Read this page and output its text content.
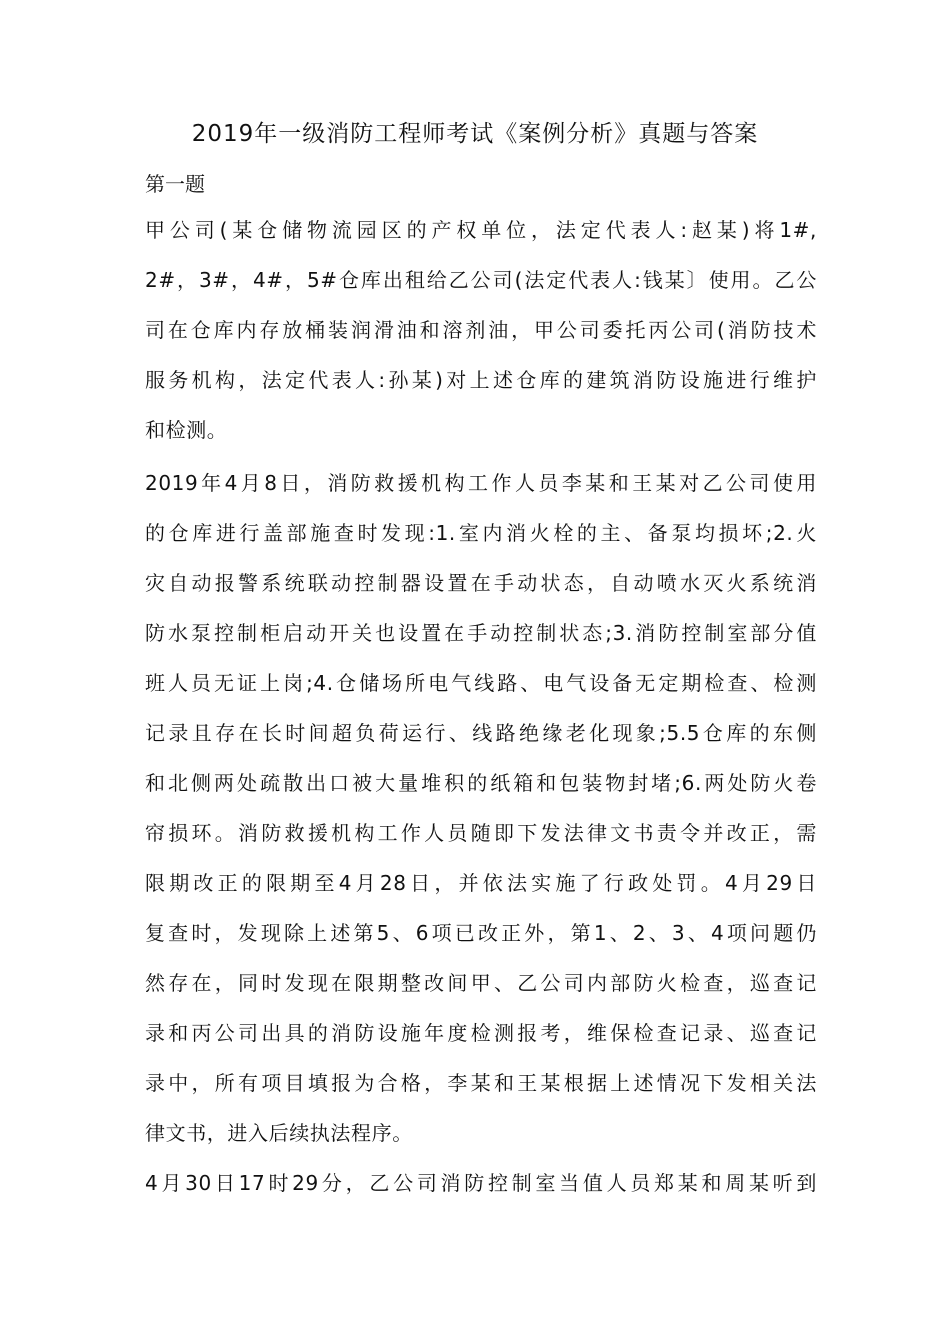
2019年一级消防工程师考试《案例分析》真题与答案
第一题
甲公司(某仓储物流园区的产权单位，法定代表人:赵某)将1#,
2#，3#，4#，5#仓库出租给乙公司(法定代表人:钱某〕使用。乙公
司在仓库内存放桶装润滑油和溶剂油，甲公司委托丙公司(消防技术
服务机构，法定代表人:孙某)对上述仓库的建筑消防设施进行维护
和检测。
2019年4月8日，消防救援机构工作人员李某和王某对乙公司使用
的仓库进行盖部施查时发现:1.室内消火栓的主、备泵均损坏;2.火
灾自动报警系统联动控制器设置在手动状态，自动喷水灭火系统消
防水泵控制柜启动开关也设置在手动控制状态;3.消防控制室部分值
班人员无证上岗;4.仓储场所电气线路、电气设备无定期检查、检测
记录且存在长时间超负荷运行、线路绝缘老化现象;5.5仓库的东侧
和北侧两处疏散出口被大量堆积的纸箱和包装物封堵;6.两处防火卷
帘损环。消防救援机构工作人员随即下发法律文书责令并改正，需
限期改正的限期至4月28日，并依法实施了行政处罚。4月29日
复查时，发现除上述第5、6项已改正外，第1、2、3、4项问题仍
然存在，同时发现在限期整改间甲、乙公司内部防火检查，巡查记
录和丙公司出具的消防设施年度检测报考，维保检查记录、巡查记
录中，所有项目填报为合格，李某和王某根据上述情况下发相关法
律文书，进入后续执法程序。
4月30日17时29分，乙公司消防控制室当值人员郑某和周某听到
